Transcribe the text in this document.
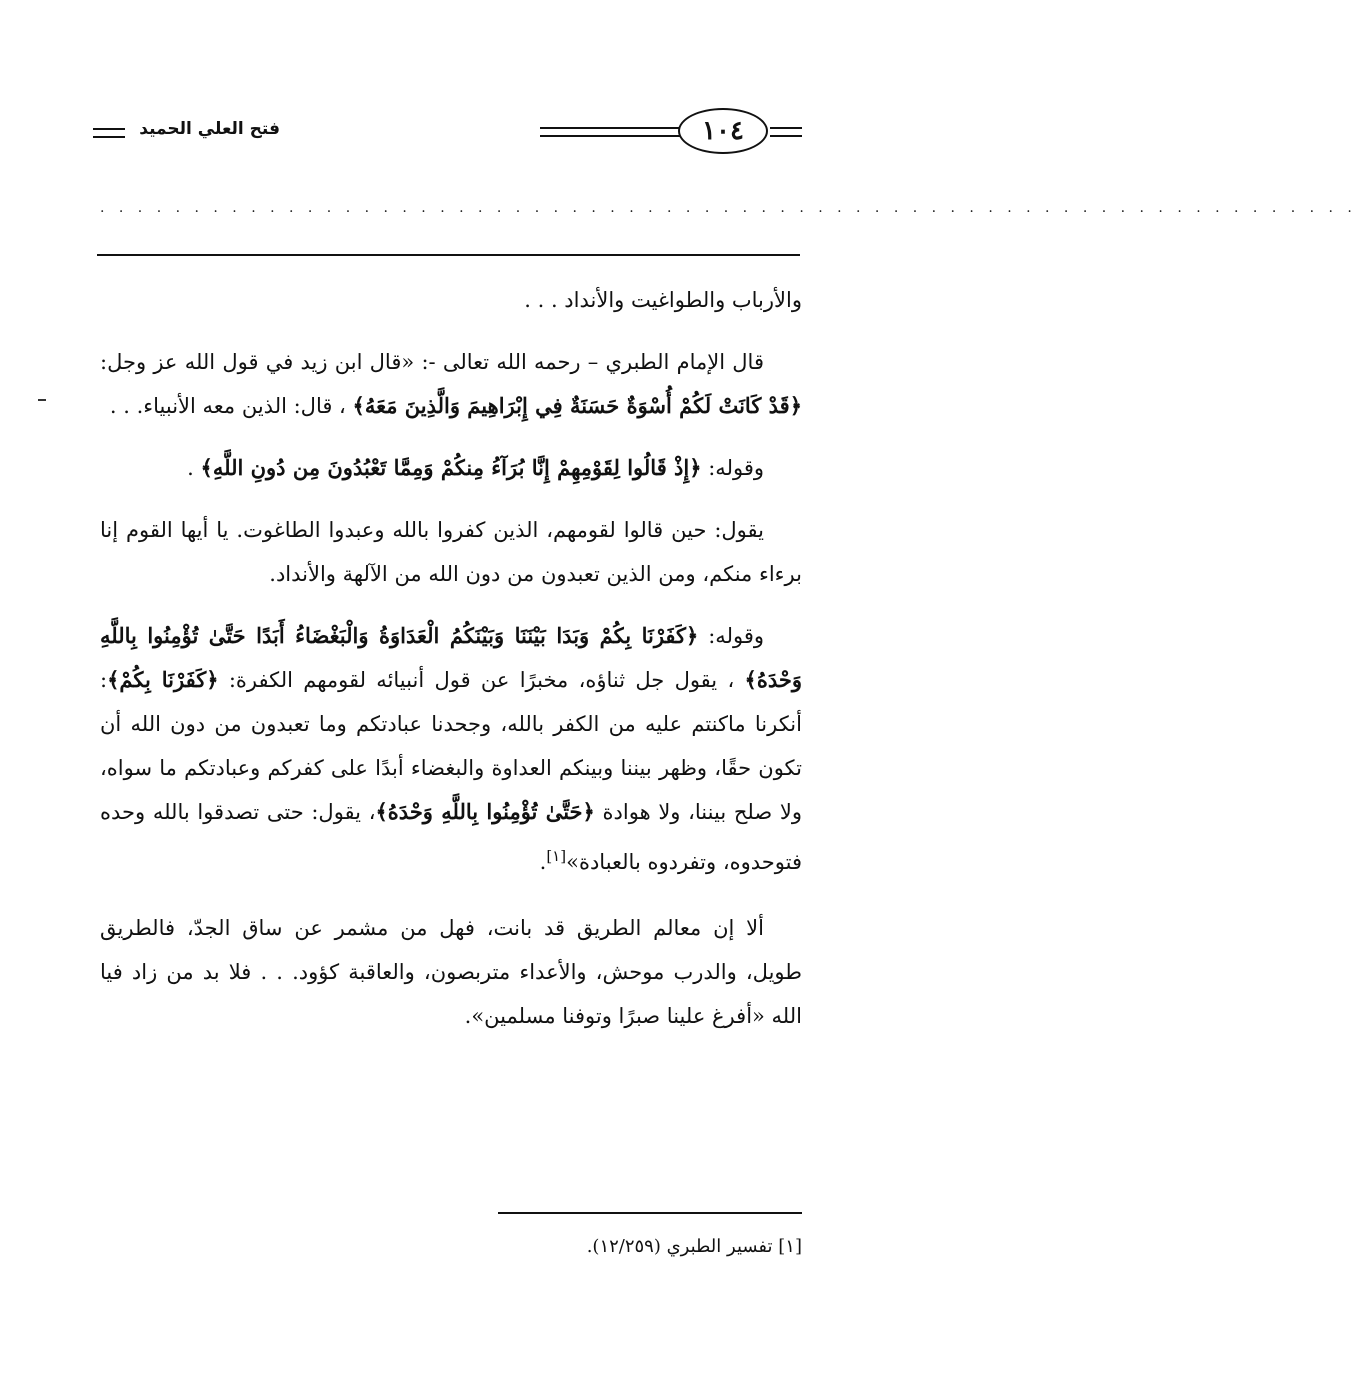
فتح العلي الحميد	١٠٤
. . . . . . . . . . . . . . . . . . . . . . . . . . . . . . . . . . . . . . . . . . . . . . . . . . . . . . . . . . . . . . . . . . .

والأرباب والطواغيت والأنداد . . .

قال الإمام الطبري – رحمه الله تعالى -: «قال ابن زيد في قول الله عز وجل: ﴿قَدْ كَانَتْ لَكُمْ أُسْوَةٌ حَسَنَةٌ فِي إِبْرَاهِيمَ وَالَّذِينَ مَعَهُ﴾ ، قال: الذين معه الأنبياء. . .

وقوله: ﴿إِذْ قَالُوا لِقَوْمِهِمْ إِنَّا بُرَآءُ مِنكُمْ وَمِمَّا تَعْبُدُونَ مِن دُونِ اللَّهِ﴾ .

يقول: حين قالوا لقومهم، الذين كفروا بالله وعبدوا الطاغوت. يا أيها القوم إنا برءاء منكم، ومن الذين تعبدون من دون الله من الآلهة والأنداد.

وقوله: ﴿كَفَرْنَا بِكُمْ وَبَدَا بَيْنَنَا وَبَيْنَكُمُ الْعَدَاوَةُ وَالْبَغْضَاءُ أَبَدًا حَتَّىٰ تُؤْمِنُوا بِاللَّهِ وَحْدَهُ﴾ ، يقول جل ثناؤه، مخبرًا عن قول أنبيائه لقومهم الكفرة: ﴿كَفَرْنَا بِكُمْ﴾: أنكرنا ماكنتم عليه من الكفر بالله، وجحدنا عبادتكم وما تعبدون من دون الله أن تكون حقًا، وظهر بيننا وبينكم العداوة والبغضاء أبدًا على كفركم وعبادتكم ما سواه، ولا صلح بيننا، ولا هوادة ﴿حَتَّىٰ تُؤْمِنُوا بِاللَّهِ وَحْدَهُ﴾، يقول: حتى تصدقوا بالله وحده فتوحدوه، وتفردوه بالعبادة»[١].

ألا إن معالم الطريق قد بانت، فهل من مشمر عن ساق الجدّ، فالطريق طويل، والدرب موحش، والأعداء متربصون، والعاقبة كؤود. . . فلا بد من زاد فيا الله «أفرغ علينا صبرًا وتوفنا مسلمين».

[١] تفسير الطبري (١٢/٢٥٩).
